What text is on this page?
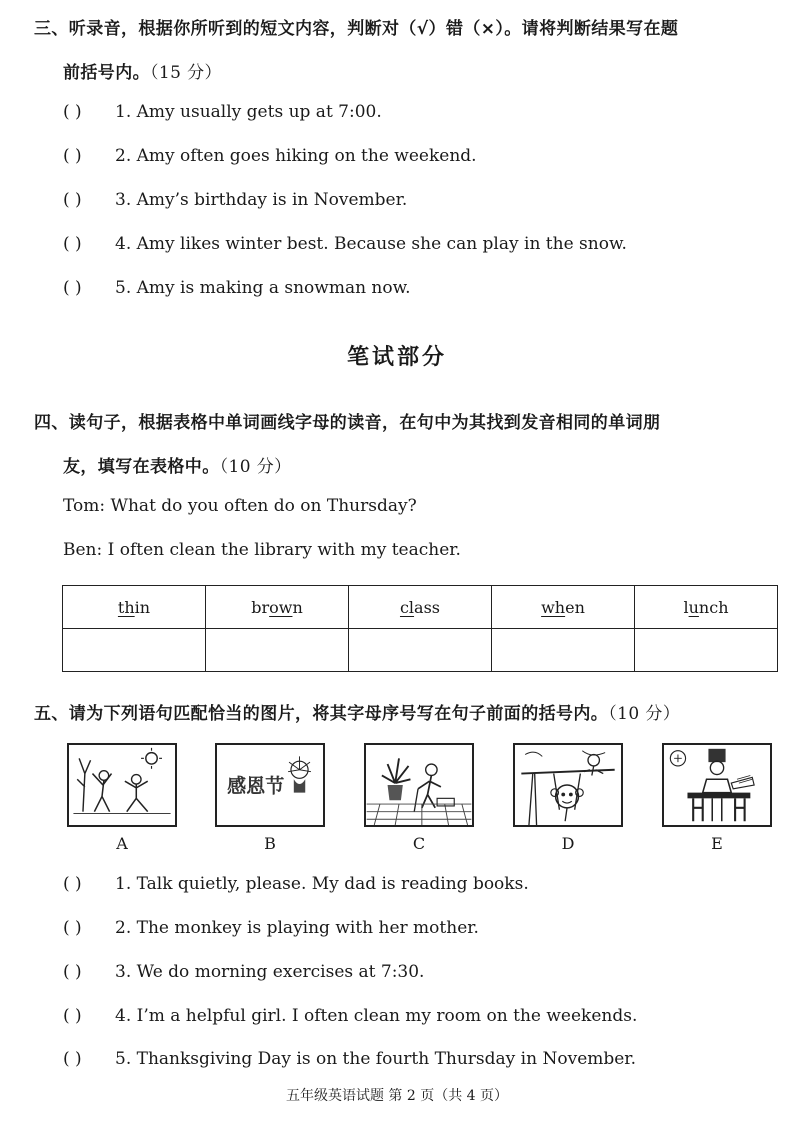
三、听录音，根据你所听到的短文内容，判断对（√）错（×）。请将判断结果写在题
前括号内。（15 分）
( ) 1. Amy usually gets up at 7:00.
( ) 2. Amy often goes hiking on the weekend.
( ) 3. Amy’s birthday is in November.
( ) 4. Amy likes winter best. Because she can play in the snow.
( ) 5. Amy is making a snowman now.
笔试部分
四、读句子，根据表格中单词画线字母的读音，在句中为其找到发音相同的单词朋
友，填写在表格中。（10 分）
Tom: What do you often do on Thursday?
Ben: I often clean the library with my teacher.
thin	brown	class	when	lunch

五、请为下列语句匹配恰当的图片，将其字母序号写在句子前面的括号内。（10 分）
A
感恩节
B	C	D	E
( ) 1. Talk quietly, please. My dad is reading books.
( ) 2. The monkey is playing with her mother.
( ) 3. We do morning exercises at 7:30.
( ) 4. I’m a helpful girl. I often clean my room on the weekends.
( ) 5. Thanksgiving Day is on the fourth Thursday in November.
五年级英语试题 第 2 页（共 4 页）
